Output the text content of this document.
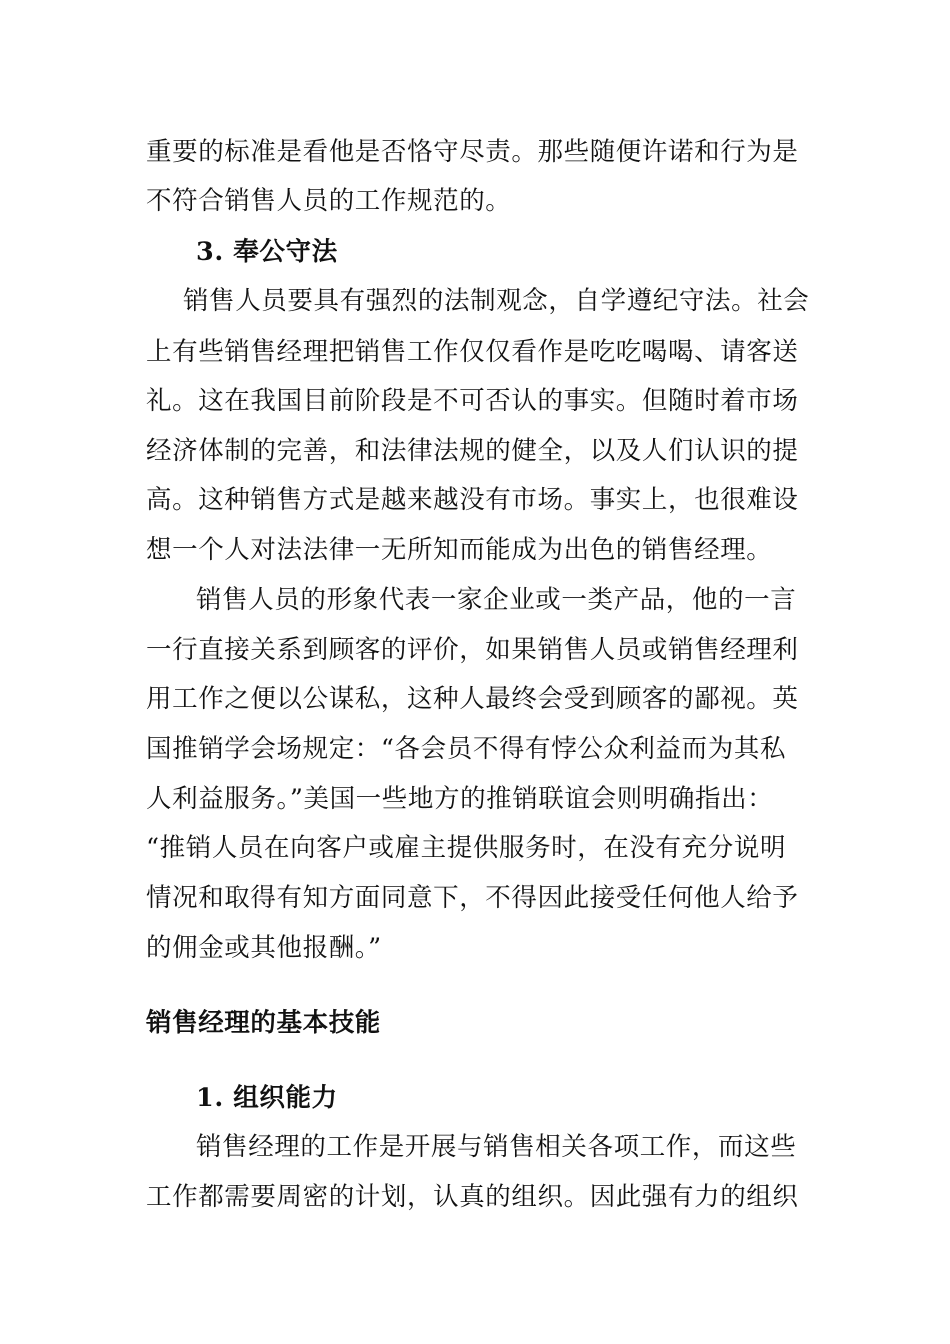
重要的标准是看他是否恪守尽责。那些随便许诺和行为是
不符合销售人员的工作规范的。
3. 奉公守法
销售人员要具有强烈的法制观念，自学遵纪守法。社会
上有些销售经理把销售工作仅仅看作是吃吃喝喝、请客送
礼。这在我国目前阶段是不可否认的事实。但随时着市场
经济体制的完善，和法律法规的健全，以及人们认识的提
高。这种销售方式是越来越没有市场。事实上，也很难设
想一个人对法法律一无所知而能成为出色的销售经理。
销售人员的形象代表一家企业或一类产品，他的一言
一行直接关系到顾客的评价，如果销售人员或销售经理利
用工作之便以公谋私，这种人最终会受到顾客的鄙视。英
国推销学会场规定：“各会员不得有悖公众利益而为其私
人利益服务。”美国一些地方的推销联谊会则明确指出：
“推销人员在向客户或雇主提供服务时，在没有充分说明
情况和取得有知方面同意下，不得因此接受任何他人给予
的佣金或其他报酬。”
销售经理的基本技能
1. 组织能力
销售经理的工作是开展与销售相关各项工作，而这些
工作都需要周密的计划，认真的组织。因此强有力的组织
